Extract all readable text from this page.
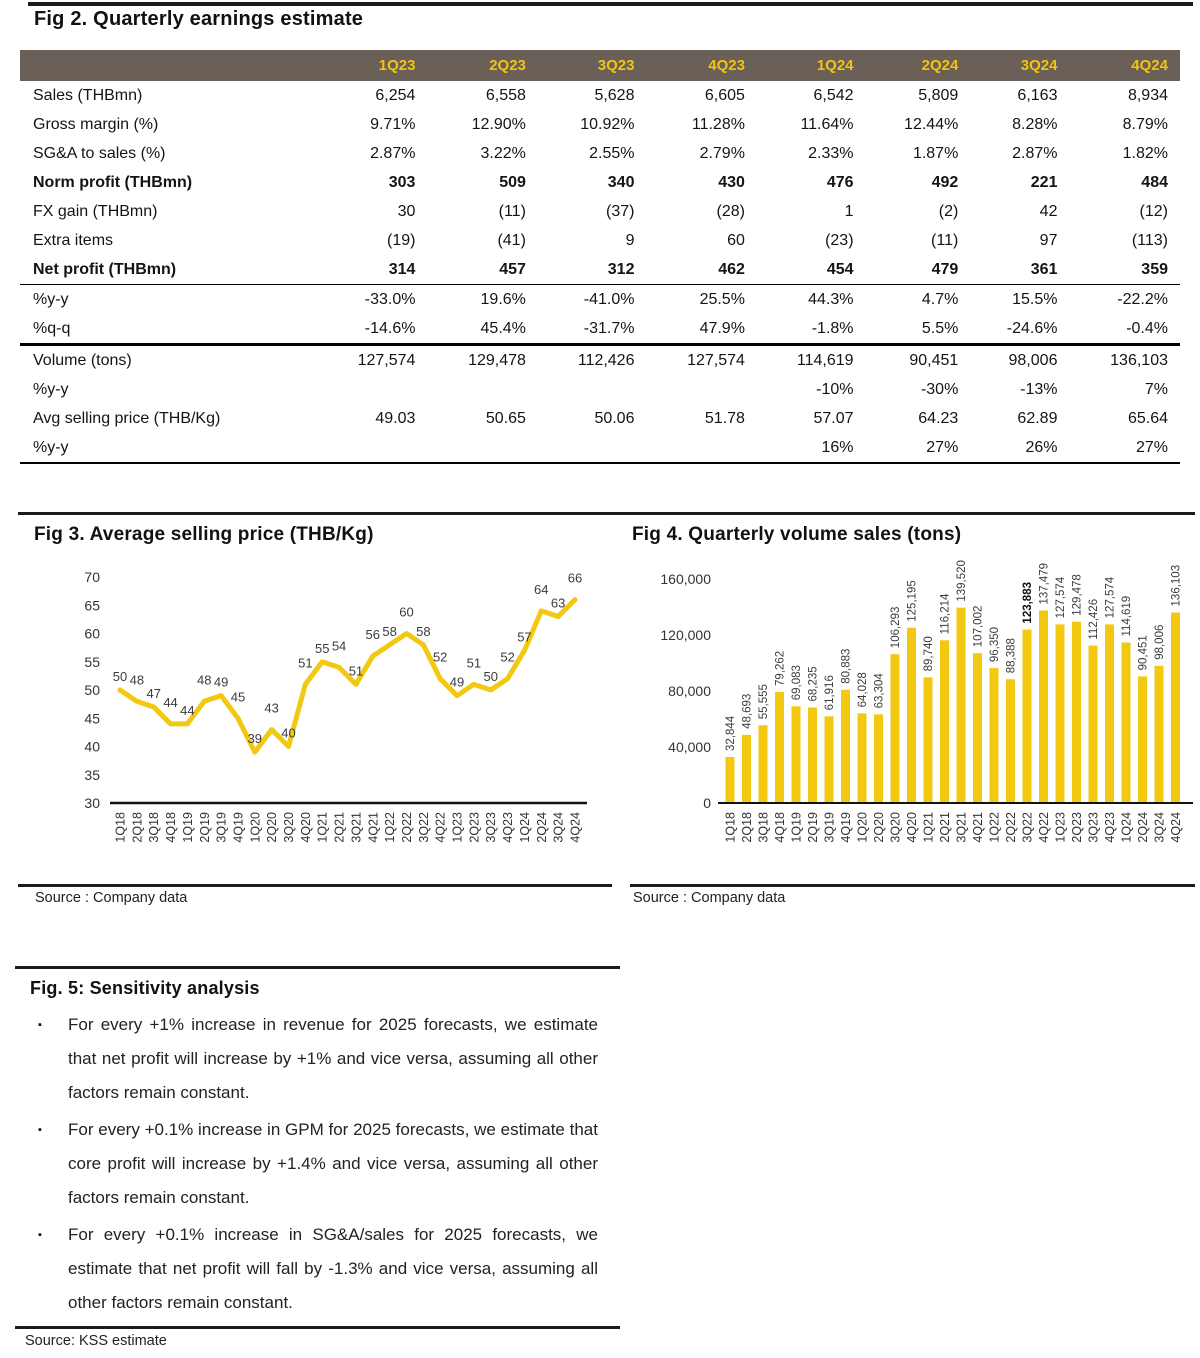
Fig 2. Quarterly earnings estimate
	1Q23	2Q23	3Q23	4Q23	1Q24	2Q24	3Q24	4Q24
Sales (THBmn)	6,254	6,558	5,628	6,605	6,542	5,809	6,163	8,934
Gross margin (%)	9.71%	12.90%	10.92%	11.28%	11.64%	12.44%	8.28%	8.79%
SG&A to sales (%)	2.87%	3.22%	2.55%	2.79%	2.33%	1.87%	2.87%	1.82%
Norm profit (THBmn)	303	509	340	430	476	492	221	484
FX gain (THBmn)	30	(11)	(37)	(28)	1	(2)	42	(12)
Extra items	(19)	(41)	9	60	(23)	(11)	97	(113)
Net profit (THBmn)	314	457	312	462	454	479	361	359
%y-y	-33.0%	19.6%	-41.0%	25.5%	44.3%	4.7%	15.5%	-22.2%
%q-q	-14.6%	45.4%	-31.7%	47.9%	-1.8%	5.5%	-24.6%	-0.4%
Volume (tons)	127,574	129,478	112,426	127,574	114,619	90,451	98,006	136,103
%y-y					-10%	-30%	-13%	7%
Avg selling price (THB/Kg)	49.03	50.65	50.06	51.78	57.07	64.23	62.89	65.64
%y-y					16%	27%	26%	27%
Fig 3. Average selling price (THB/Kg)	Fig 4. Quarterly volume sales (tons)
30
35
40
45
50
55
60
65
70
50 48
47
44
44
48 49
45
39
43
40
51
55 54
51
56 58
60
58
52
49
51
50
52
57
64
63
66
1Q18 2Q18 3Q18 4Q18 1Q19 2Q19 3Q19 4Q19 1Q20 2Q20 3Q20 4Q20 1Q21 2Q21 3Q21 4Q21 1Q22 2Q22 3Q22 4Q22 1Q23 2Q23 3Q23 4Q23 1Q24 2Q24 3Q24 4Q24
0
40,000
80,000
120,000
160,000
32,844
48,693 55,555
79,262 69,083 68,235 61,916
80,883
64,028 63,304
106,293
125,195
89,740
116,214
139,520
107,002 96,350 88,388
123,883 137,479 127,574 129,478
112,426
127,574 114,619
90,451 98,006
136,103
1Q18 2Q18 3Q18 4Q18 1Q19 2Q19 3Q19 4Q19 1Q20 2Q20 3Q20 4Q20 1Q21 2Q21 3Q21 4Q21 1Q22 2Q22 3Q22 4Q22 1Q23 2Q23 3Q23 4Q23 1Q24 2Q24 3Q24 4Q24
Source : Company data	Source : Company data
Fig. 5: Sensitivity analysis
▪	For every +1% increase in revenue for 2025 forecasts, we estimate that net profit will increase by +1% and vice versa, assuming all other factors remain constant.

▪	For every +0.1% increase in GPM for 2025 forecasts, we estimate that core profit will increase by +1.4% and vice versa, assuming all other factors remain constant.

▪	For every +0.1% increase in SG&A/sales for 2025 forecasts, we estimate that net profit will fall by -1.3% and vice versa, assuming all other factors remain constant.

Source: KSS estimate
